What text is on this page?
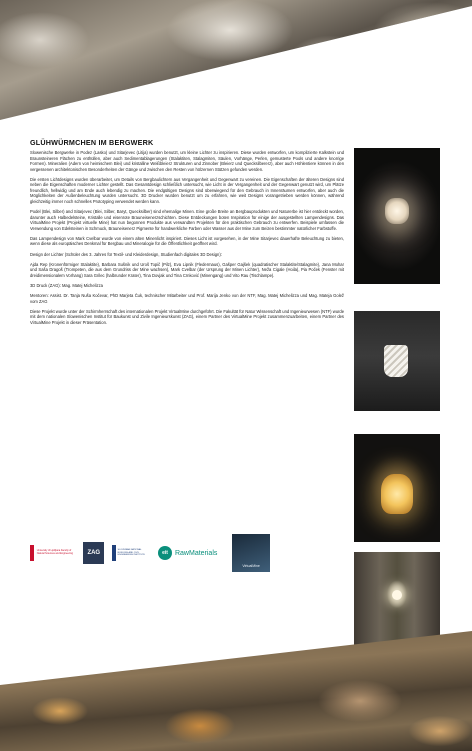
GLÜHWÜRMCHEN IM BERGWERK

Slowenische Bergwerke in Podez (Lasko) und Sitarjevec (Litija) wurden benutzt, um kleine Lichter zu inspirieren. Diese wurden entworfen, um komplizierte Kalkstein und Braunsteineren Flächen zu enthüllen, aber auch Sedimentablagerungen (Stalaktiten, Stalagmiten, Säulen, Vorhänge, Perlen, gemusterte Pools und andere knorrige Formen). Mineralien (Adern von heimischem Blei) und kristalline Weißbleierz Strukturen und Zinnober (Bleierz und Quecksilbererz), aber auch Höhlentiere können in den vergessenen architektonischen Besonderheiten der Gänge und zwischen den Resten von hölzernen Stützen gefunden werden.

Die ersten Lichtdesigns wurden überarbeitet, um Details von Bergbaulichtern aus Vergangenheit und Gegenwart zu vereinen. Die Eigenschaften der älteren Designs sind neben die Eigenschaften moderner Lichter gestellt. Das Gesamtdesign schließlich untersucht, wie Licht in der Vergangenheit und der Gegenwart genutzt wird, um Plätze freundlich, hellwidig und am Ende auch lebendig zu machen. Die endgültigen Designs sind überwiegend für den Gebrauch in Innenräumen entworfen, aber auch die Möglichkeiten der Außenbeleuchtung wurden untersucht. 3D Drucker wurden benutzt um zu erfahren, wie weit Designs vorangetrieben werden können, während gleichzeitig immer noch schnelles Prototyping verwendet werden kann.

Podel (Blei, Silber) and Sitarjevec (Blei, Silber, Baryt, Quecksilber) sind ehemalige Minen. Eine große Breite an Bergbauprodukten und Naturerbe ist hier entdeckt worden, darunter auch Halbedelsteine, Kristalle und eisenrote Brauneisenerzschichten. Diese Entdeckungen boten Inspiration für einige der ausgestellten Lampendesigns. Das VirtualMine Projekt (Projekt virtuelle Mine) hat nun begonnen Produkte aus verwandten Projekten für den praktischen Gebrauch zu entwerfen. Beispiele umfassen die Verwendung von Edelsteinen in Schmuck, Brauneisenerz Pigmente für handwerkliche Farben oder Wasser aus der Mine zum Beizen bestimmter natürlicher Farbstoffe.

Das Lampendesign von Mark Cvelbar wurde von einem alten Minenlicht inspiriert. Dieses Licht ist vorgesehen, in der Mine Sitarjevec dauerhafte Beleuchtung zu bieten, wenn diese als europäisches Denkmal für Bergbau und Mineralogie für die Öffentlichkeit geöffnet wird.

Design der Lichter (Schüler des 3. Jahres für Textil- und Kleiderdesign, Studienfach digitales 3D Design):

Ajda Rep (Kronenförmiger Stalaktite), Barbara Sušnik und Uroš Topič (Pilz), Eva Lipnik (Fledermaus), Gašper Gajšek (quadratischer Stalaktite/Stalagmite), Jana Mohar und Saša Dragoš (Trompeten, die aus dem Grundriss der Mine wachsen), Mark Cvelbar (der Ursprung der Minen Lichter), Neža Cigale (Hoila), Pia Poček (Fenster mit dreidimensionalem Vorhang) Sara Grilec (halbrunder Krater), Tina Dovjak und Tina Crnković (Minengang) und Vito Rau (Tischlampe).

3D Druck (ZAG): Mag. Matej Michelizza

Mentoren: Assist. Dr. Tanja Nuša Kočevar, PhD Marjeta Čuk, technischer Mitarbeiter und Prof. Marija Jenko von der NTF, Mag. Matej Michelizza und Mag. Mateja Golež vom ZAG

Diese Projekt wurde unter der Schirmherrschaft des internationalen Projekt VirtualMine durchgeführt. Die Fakultät für Natur Wissenschaft und Ingenieurwesen (NTF) wurde mit dem nationalen Slowenischen Institut für Baukunst und Zivile Ingenieurskunst (ZAG), einem Partner des VirtualMine Projekt zusammenzuarbeiten, einem Partner des VirtualMine Projekt in dieser Präsentation.

University of Ljubljana Faculty of Natural Sciences and Engineering	ZAG
SLOVENIAN NATIONAL BUILDING AND CIVIL ENGINEERING INSTITUTE	eit	RawMaterials
VirtualMine
